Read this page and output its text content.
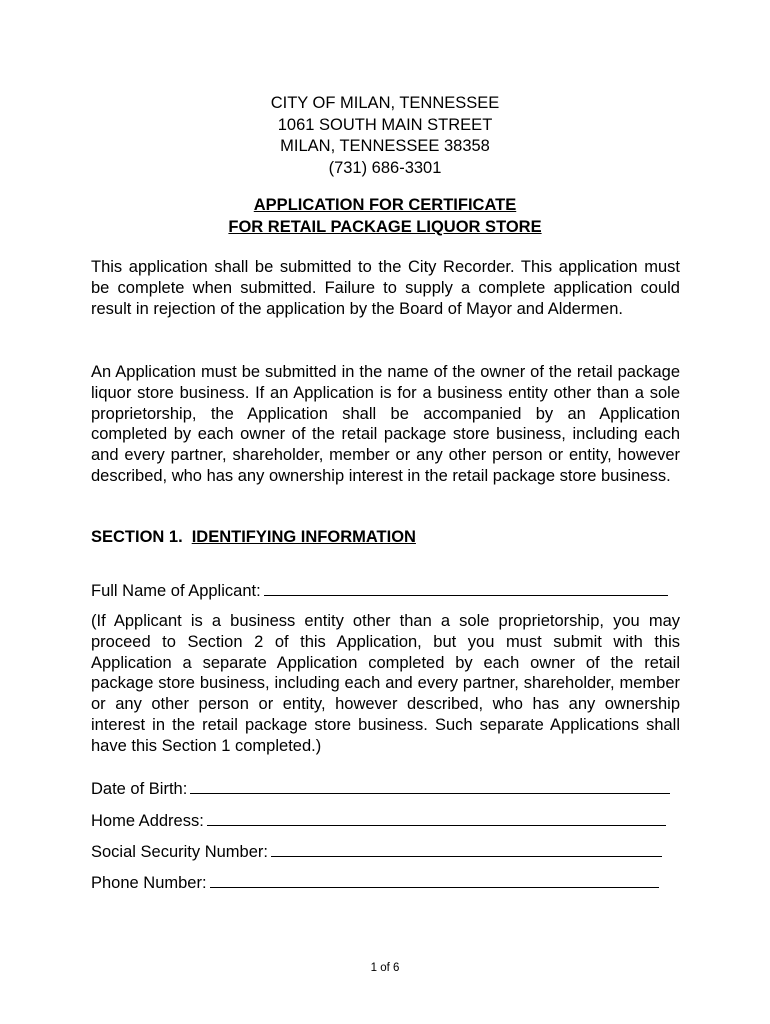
CITY OF MILAN, TENNESSEE
1061 SOUTH MAIN STREET
MILAN, TENNESSEE 38358
(731) 686-3301
APPLICATION FOR CERTIFICATE
FOR RETAIL PACKAGE LIQUOR STORE
This application shall be submitted to the City Recorder. This application must be complete when submitted. Failure to supply a complete application could result in rejection of the application by the Board of Mayor and Aldermen.
An Application must be submitted in the name of the owner of the retail package liquor store business. If an Application is for a business entity other than a sole proprietorship, the Application shall be accompanied by an Application completed by each owner of the retail package store business, including each and every partner, shareholder, member or any other person or entity, however described, who has any ownership interest in the retail package store business.
SECTION 1. IDENTIFYING INFORMATION
Full Name of Applicant:
(If Applicant is a business entity other than a sole proprietorship, you may proceed to Section 2 of this Application, but you must submit with this Application a separate Application completed by each owner of the retail package store business, including each and every partner, shareholder, member or any other person or entity, however described, who has any ownership interest in the retail package store business. Such separate Applications shall have this Section 1 completed.)
Date of Birth:
Home Address:
Social Security Number:
Phone Number:
1 of 6
